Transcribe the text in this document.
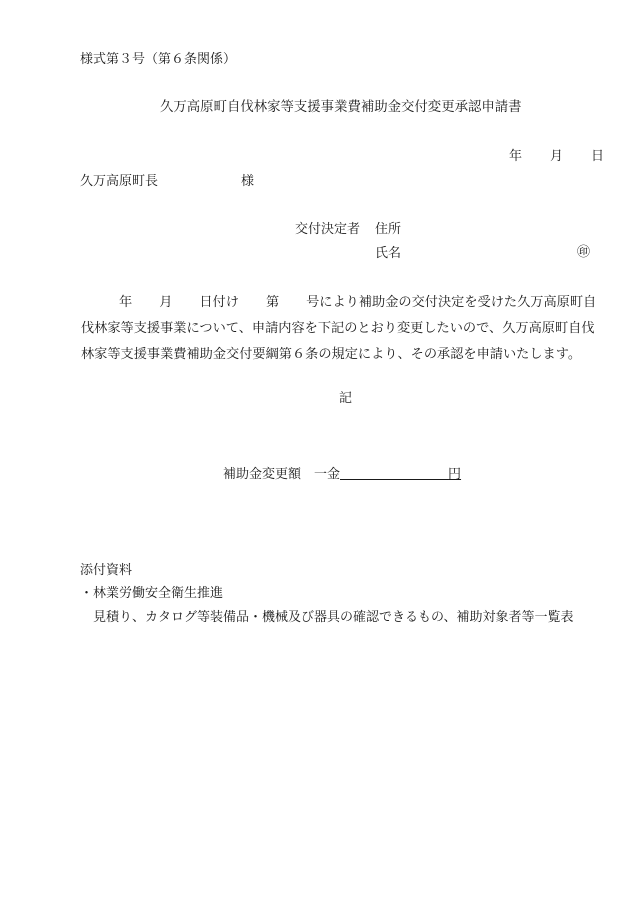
様式第３号（第６条関係）
久万高原町自伐林家等支援事業費補助金交付変更承認申請書
年 月 日
久万高原町長	様
交付決定者 住所
氏名	㊞
年 月 日付け 第 号により補助金の交付決定を受けた久万高原町自
伐林家等支援事業について、申請内容を下記のとおり変更したいので、久万高原町自伐
林家等支援事業費補助金交付要綱第６条の規定により、その承認を申請いたします。
記
補助金変更額 一金	円
添付資料
・林業労働安全衛生推進
見積り、カタログ等装備品・機械及び器具の確認できるもの、補助対象者等一覧表
